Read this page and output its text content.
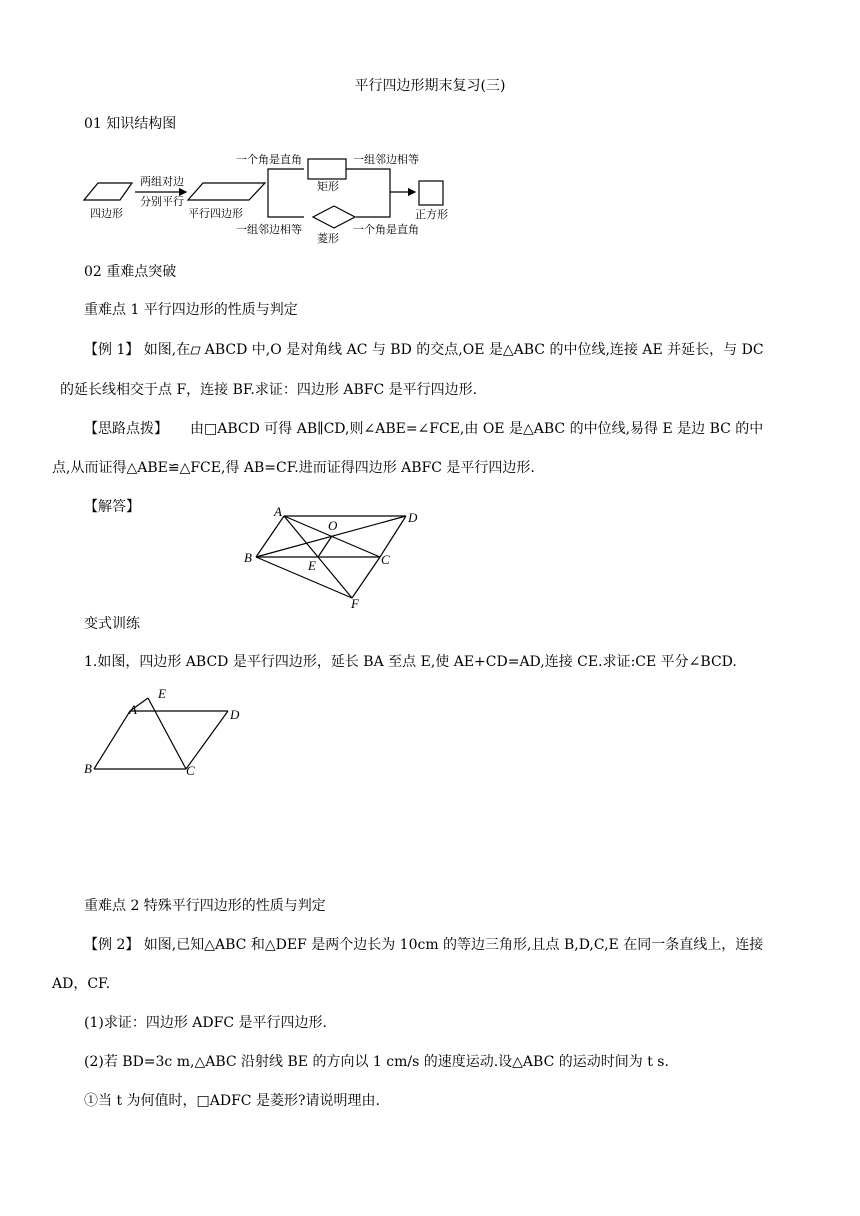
平行四边形期末复习(三)
01 知识结构图
四边形
两组对边
分别平行
平行四边形
一个角是直角
矩形
一组邻边相等
一组邻边相等
菱形
一个角是直角
正方形
02 重难点突破
重难点 1 平行四边形的性质与判定
【例 1】 如图,在 ABCD 中,O 是对角线 AC 与 BD 的交点,OE 是△ABC 的中位线,连接 AE 并延长，与 DC
的延长线相交于点 F，连接 BF.求证：四边形 ABFC 是平行四边形.
【思路点拨】 由□ABCD 可得 AB∥CD,则∠ABE=∠FCE,由 OE 是△ABC 的中位线,易得 E 是边 BC 的中
点,从而证得△ABE≌△FCE,得 AB=CF.进而证得四边形 ABFC 是平行四边形.
【解答】	A
O
D
B
E	C
F
变式训练
1.如图，四边形 ABCD 是平行四边形，延长 BA 至点 E,使 AE+CD=AD,连接 CE.求证:CE 平分∠BCD.
E
A	D
B	C
重难点 2 特殊平行四边形的性质与判定
【例 2】 如图,已知△ABC 和△DEF 是两个边长为 10cm 的等边三角形,且点 B,D,C,E 在同一条直线上，连接
AD，CF.
(1)求证：四边形 ADFC 是平行四边形.
(2)若 BD=3c m,△ABC 沿射线 BE 的方向以 1 cm/s 的速度运动.设△ABC 的运动时间为 t s.
①当 t 为何值时，□ADFC 是菱形?请说明理由.
